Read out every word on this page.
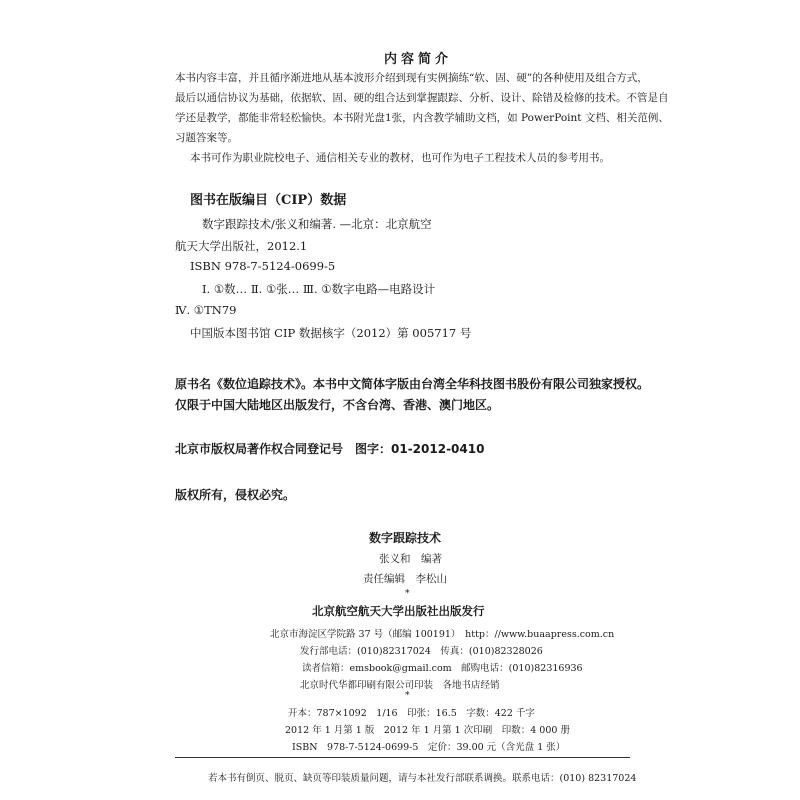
内容简介
本书内容丰富，并且循序渐进地从基本波形介绍到现有实例摘练“软、固、硬”的各种使用及组合方式，
最后以通信协议为基础，依据软、固、硬的组合达到掌握跟踪、分析、设计、除错及检修的技术。不管是自
学还是教学，都能非常轻松愉快。本书附光盘1张，内含教学辅助文档，如 PowerPoint 文档、相关范例、
习题答案等。
本书可作为职业院校电子、通信相关专业的教材，也可作为电子工程技术人员的参考用书。
图书在版编目（CIP）数据
数字跟踪技术/张义和编著. —北京：北京航空
航天大学出版社，2012.1
ISBN 978-7-5124-0699-5
Ⅰ. ①数… Ⅱ. ①张… Ⅲ. ①数字电路—电路设计
Ⅳ. ①TN79
中国版本图书馆 CIP 数据核字（2012）第 005717 号
原书名《数位追踪技术》。本书中文简体字版由台湾全华科技图书股份有限公司独家授权。
仅限于中国大陆地区出版发行，不含台湾、香港、澳门地区。
北京市版权局著作权合同登记号　图字：01-2012-0410
版权所有，侵权必究。
数字跟踪技术
张义和　编著
责任编辑　李松山
*
北京航空航天大学出版社出版发行
北京市海淀区学院路 37 号（邮编 100191）　http：//www.buaapress.com.cn
发行部电话：(010)82317024　传真：(010)82328026
读者信箱：emsbook@gmail.com　邮购电话：(010)82316936
北京时代华都印刷有限公司印装　各地书店经销
*
开本：787×1092　1/16　印张：16.5　字数：422 千字
2012 年 1 月第 1 版　2012 年 1 月第 1 次印刷　印数：4 000 册
ISBN　978-7-5124-0699-5　定价：39.00 元（含光盘 1 张）
若本书有倒页、脱页、缺页等印装质量问题，请与本社发行部联系调换。联系电话：(010) 82317024
